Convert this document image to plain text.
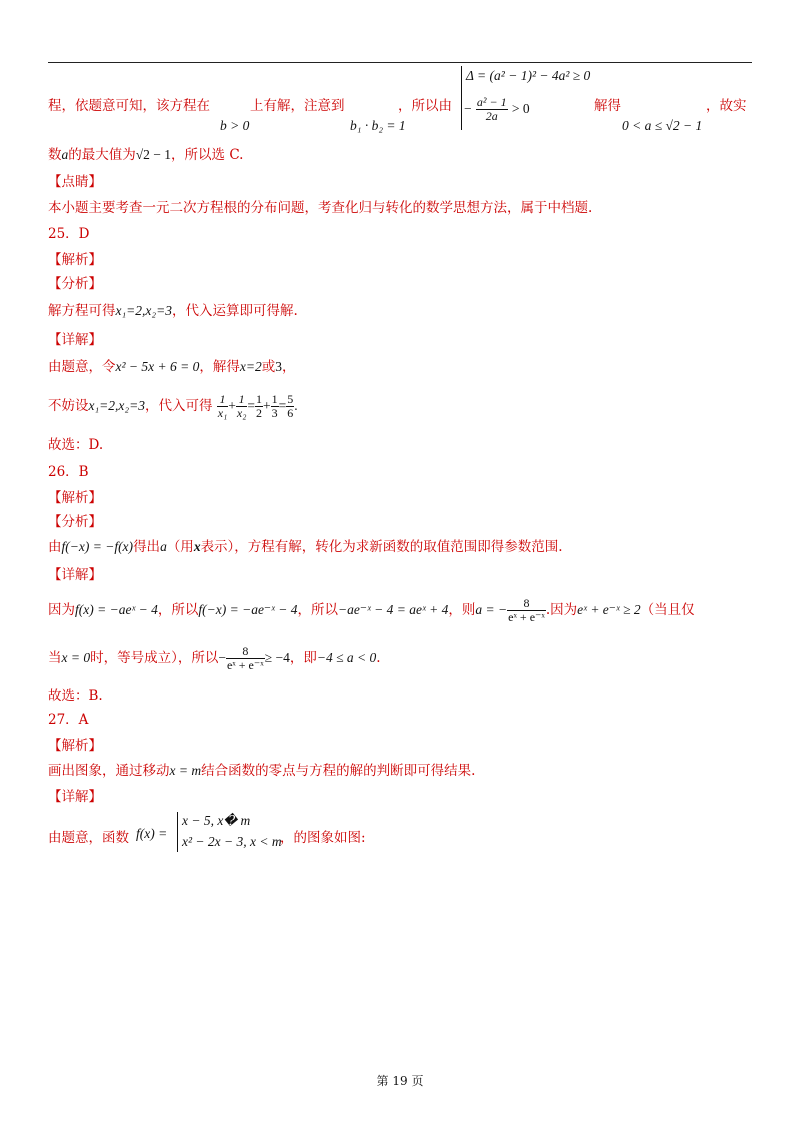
程，依题意可知，该方程在
b > 0
上有解，注意到
b₁ · b₂ = 1
，所以由
Δ = (a² − 1)² − 4a² ≥ 0
− $\frac{\text{a² − 1}}{2a} > 0$	解得
0 < a ≤ √2 − 1
，故实
数a的最大值为√2 − 1，所以选 C.
【点睛】
本小题主要考查一元二次方程根的分布问题，考查化归与转化的数学思想方法，属于中档题.
25．D
【解析】
【分析】
解方程可得x₁=2,x₂=3，代入运算即可得解.
【详解】
由题意，令x² − 5x + 6 = 0，解得x=2或3，
不妨设x₁=2,x₂=3，代入可得 $\frac{1}{\text{x₁}} + \frac{1}{\text{x₂}} = \frac{1}{2} + \frac{1}{3} = \frac{5}{6}$ .
故选：D.
26．B
【解析】
【分析】
由f(−x) = −f(x)得出a（用x表示），方程有解，转化为求新函数的取值范围即得参数范围.
【详解】
因为f(x) = −aeˣ − 4，所以f(−x) = −ae⁻ˣ − 4，所以−ae⁻ˣ − 4 = aeˣ + 4，则a = − $\frac{8}{\text{eˣ + e⁻ˣ}}$ .因为eˣ + e⁻ˣ ≥ 2（当且仅
当x = 0时，等号成立），所以− $\frac{8}{\text{eˣ + e⁻ˣ}} \ge -4$，即−4 ≤ a < 0.
故选：B.
27．A
【解析】
画出图象，通过移动x = m结合函数的零点与方程的解的判断即可得结果.
【详解】
由题意，函数 f(x) =
x − 5, x� m
x² − 2x − 3, x < m
，的图象如图:
第 19 页
